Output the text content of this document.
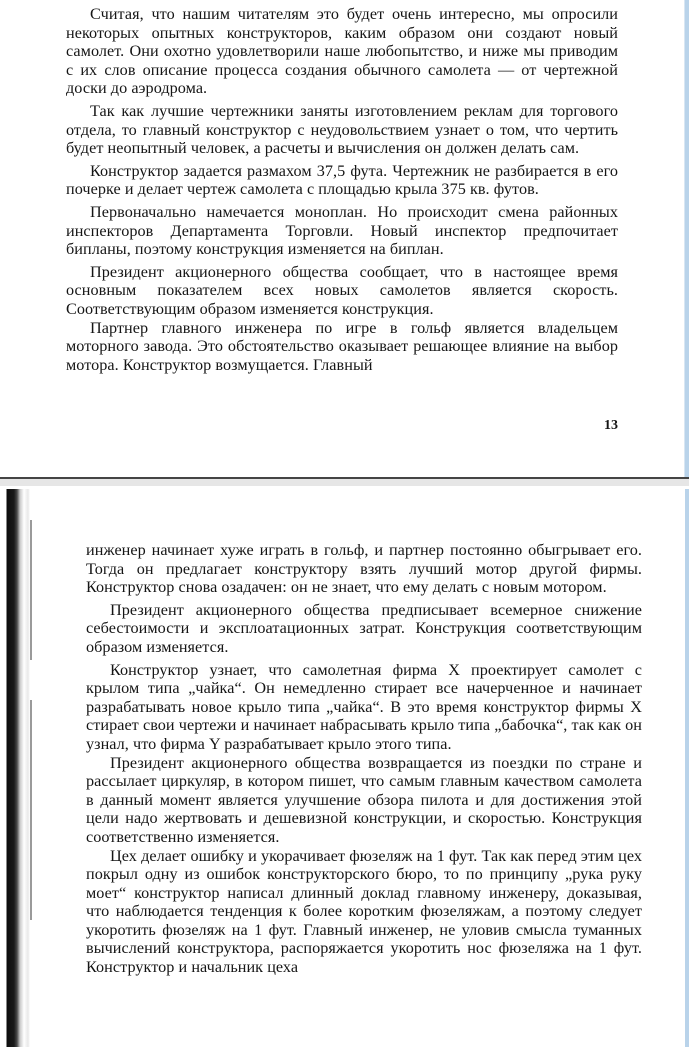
Считая, что нашим читателям это будет очень интересно, мы опросили некоторых опытных конструкторов, каким образом они создают новый самолет. Они охотно удовлетворили наше любопытство, и ниже мы приводим с их слов описание процесса создания обычного самолета — от чертежной доски до аэродрома.

Так как лучшие чертежники заняты изготовлением реклам для торгового отдела, то главный конструктор с неудовольствием узнает о том, что чертить будет неопытный человек, а расчеты и вычисления он должен делать сам.

Конструктор задается размахом 37,5 фута. Чертежник не разбирается в его почерке и делает чертеж самолета с площадью крыла 375 кв. футов.

Первоначально намечается моноплан. Но происходит смена районных инспекторов Департамента Торговли. Новый инспектор предпочитает бипланы, поэтому конструкция изменяется на биплан.

Президент акционерного общества сообщает, что в настоящее время основным показателем всех новых самолетов является скорость. Соответствующим образом изменяется конструкция.

Партнер главного инженера по игре в гольф является владельцем моторного завода. Это обстоятельство оказывает решающее влияние на выбор мотора. Конструктор возмущается. Главный

13

инженер начинает хуже играть в гольф, и партнер постоянно обыгрывает его. Тогда он предлагает конструктору взять лучший мотор другой фирмы. Конструктор снова озадачен: он не знает, что ему делать с новым мотором.

Президент акционерного общества предписывает всемерное снижение себестоимости и эксплоатационных затрат. Конструкция соответствующим образом изменяется.

Конструктор узнает, что самолетная фирма X проектирует самолет с крылом типа „чайка“. Он немедленно стирает все начерченное и начинает разрабатывать новое крыло типа „чайка“. В это время конструктор фирмы X стирает свои чертежи и начинает набрасывать крыло типа „бабочка“, так как он узнал, что фирма Y разрабатывает крыло этого типа.

Президент акционерного общества возвращается из поездки по стране и рассылает циркуляр, в котором пишет, что самым главным качеством самолета в данный момент является улучшение обзора пилота и для достижения этой цели надо жертвовать и дешевизной конструкции, и скоростью. Конструкция соответственно изменяется.

Цех делает ошибку и укорачивает фюзеляж на 1 фут. Так как перед этим цех покрыл одну из ошибок конструкторского бюро, то по принципу „рука руку моет“ конструктор написал длинный доклад главному инженеру, доказывая, что наблюдается тенденция к более коротким фюзеляжам, а поэтому следует укоротить фюзеляж на 1 фут. Главный инженер, не уловив смысла туманных вычислений конструктора, распоряжается укоротить нос фюзеляжа на 1 фут. Конструктор и начальник цеха
